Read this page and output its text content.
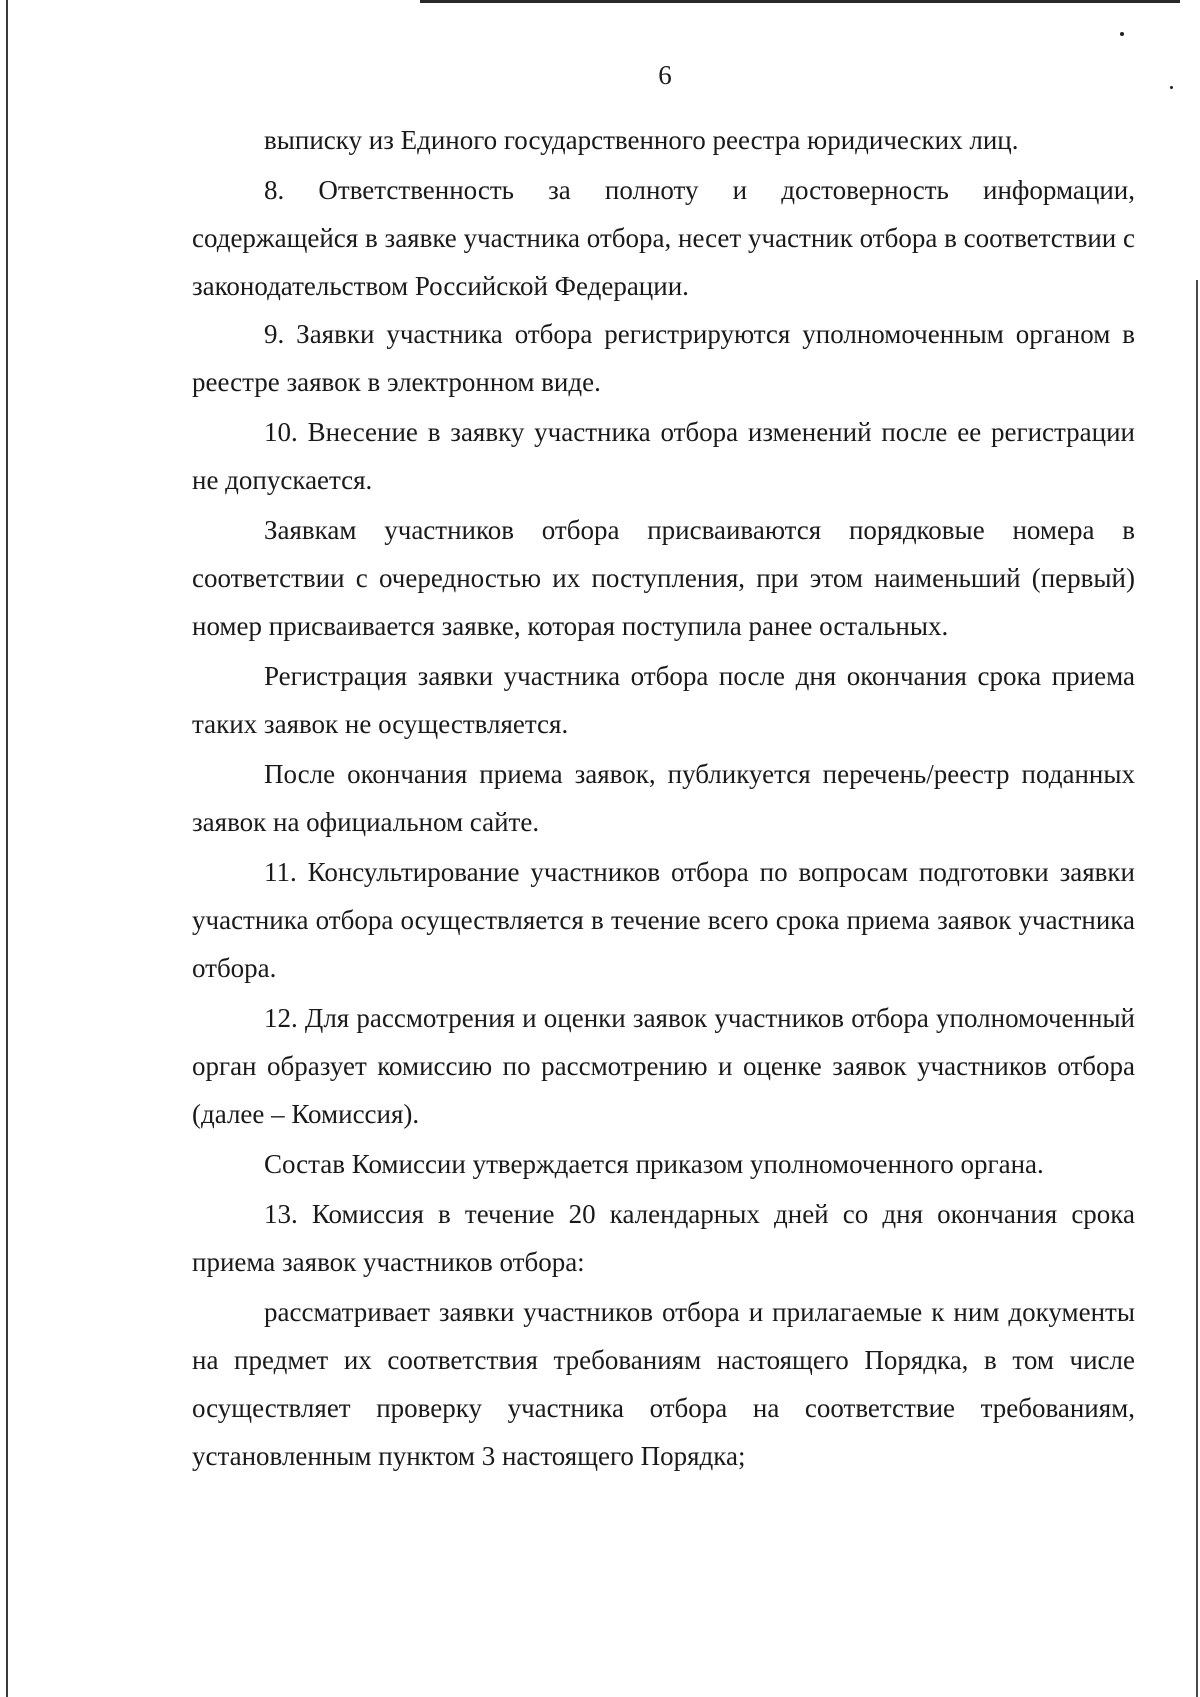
6

выписку из Единого государственного реестра юридических лиц.

8. Ответственность за полноту и достоверность информации, содержащейся в заявке участника отбора, несет участник отбора в соответствии с законодательством Российской Федерации.

9. Заявки участника отбора регистрируются уполномоченным органом в реестре заявок в электронном виде.

10. Внесение в заявку участника отбора изменений после ее регистрации не допускается.

Заявкам участников отбора присваиваются порядковые номера в соответствии с очередностью их поступления, при этом наименьший (первый) номер присваивается заявке, которая поступила ранее остальных.

Регистрация заявки участника отбора после дня окончания срока приема таких заявок не осуществляется.

После окончания приема заявок, публикуется перечень/реестр поданных заявок на официальном сайте.

11. Консультирование участников отбора по вопросам подготовки заявки участника отбора осуществляется в течение всего срока приема заявок участника отбора.

12. Для рассмотрения и оценки заявок участников отбора уполномоченный орган образует комиссию по рассмотрению и оценке заявок участников отбора (далее – Комиссия).

Состав Комиссии утверждается приказом уполномоченного органа.

13. Комиссия в течение 20 календарных дней со дня окончания срока приема заявок участников отбора:

рассматривает заявки участников отбора и прилагаемые к ним документы на предмет их соответствия требованиям настоящего Порядка, в том числе осуществляет проверку участника отбора на соответствие требованиям, установленным пунктом 3 настоящего Порядка;
